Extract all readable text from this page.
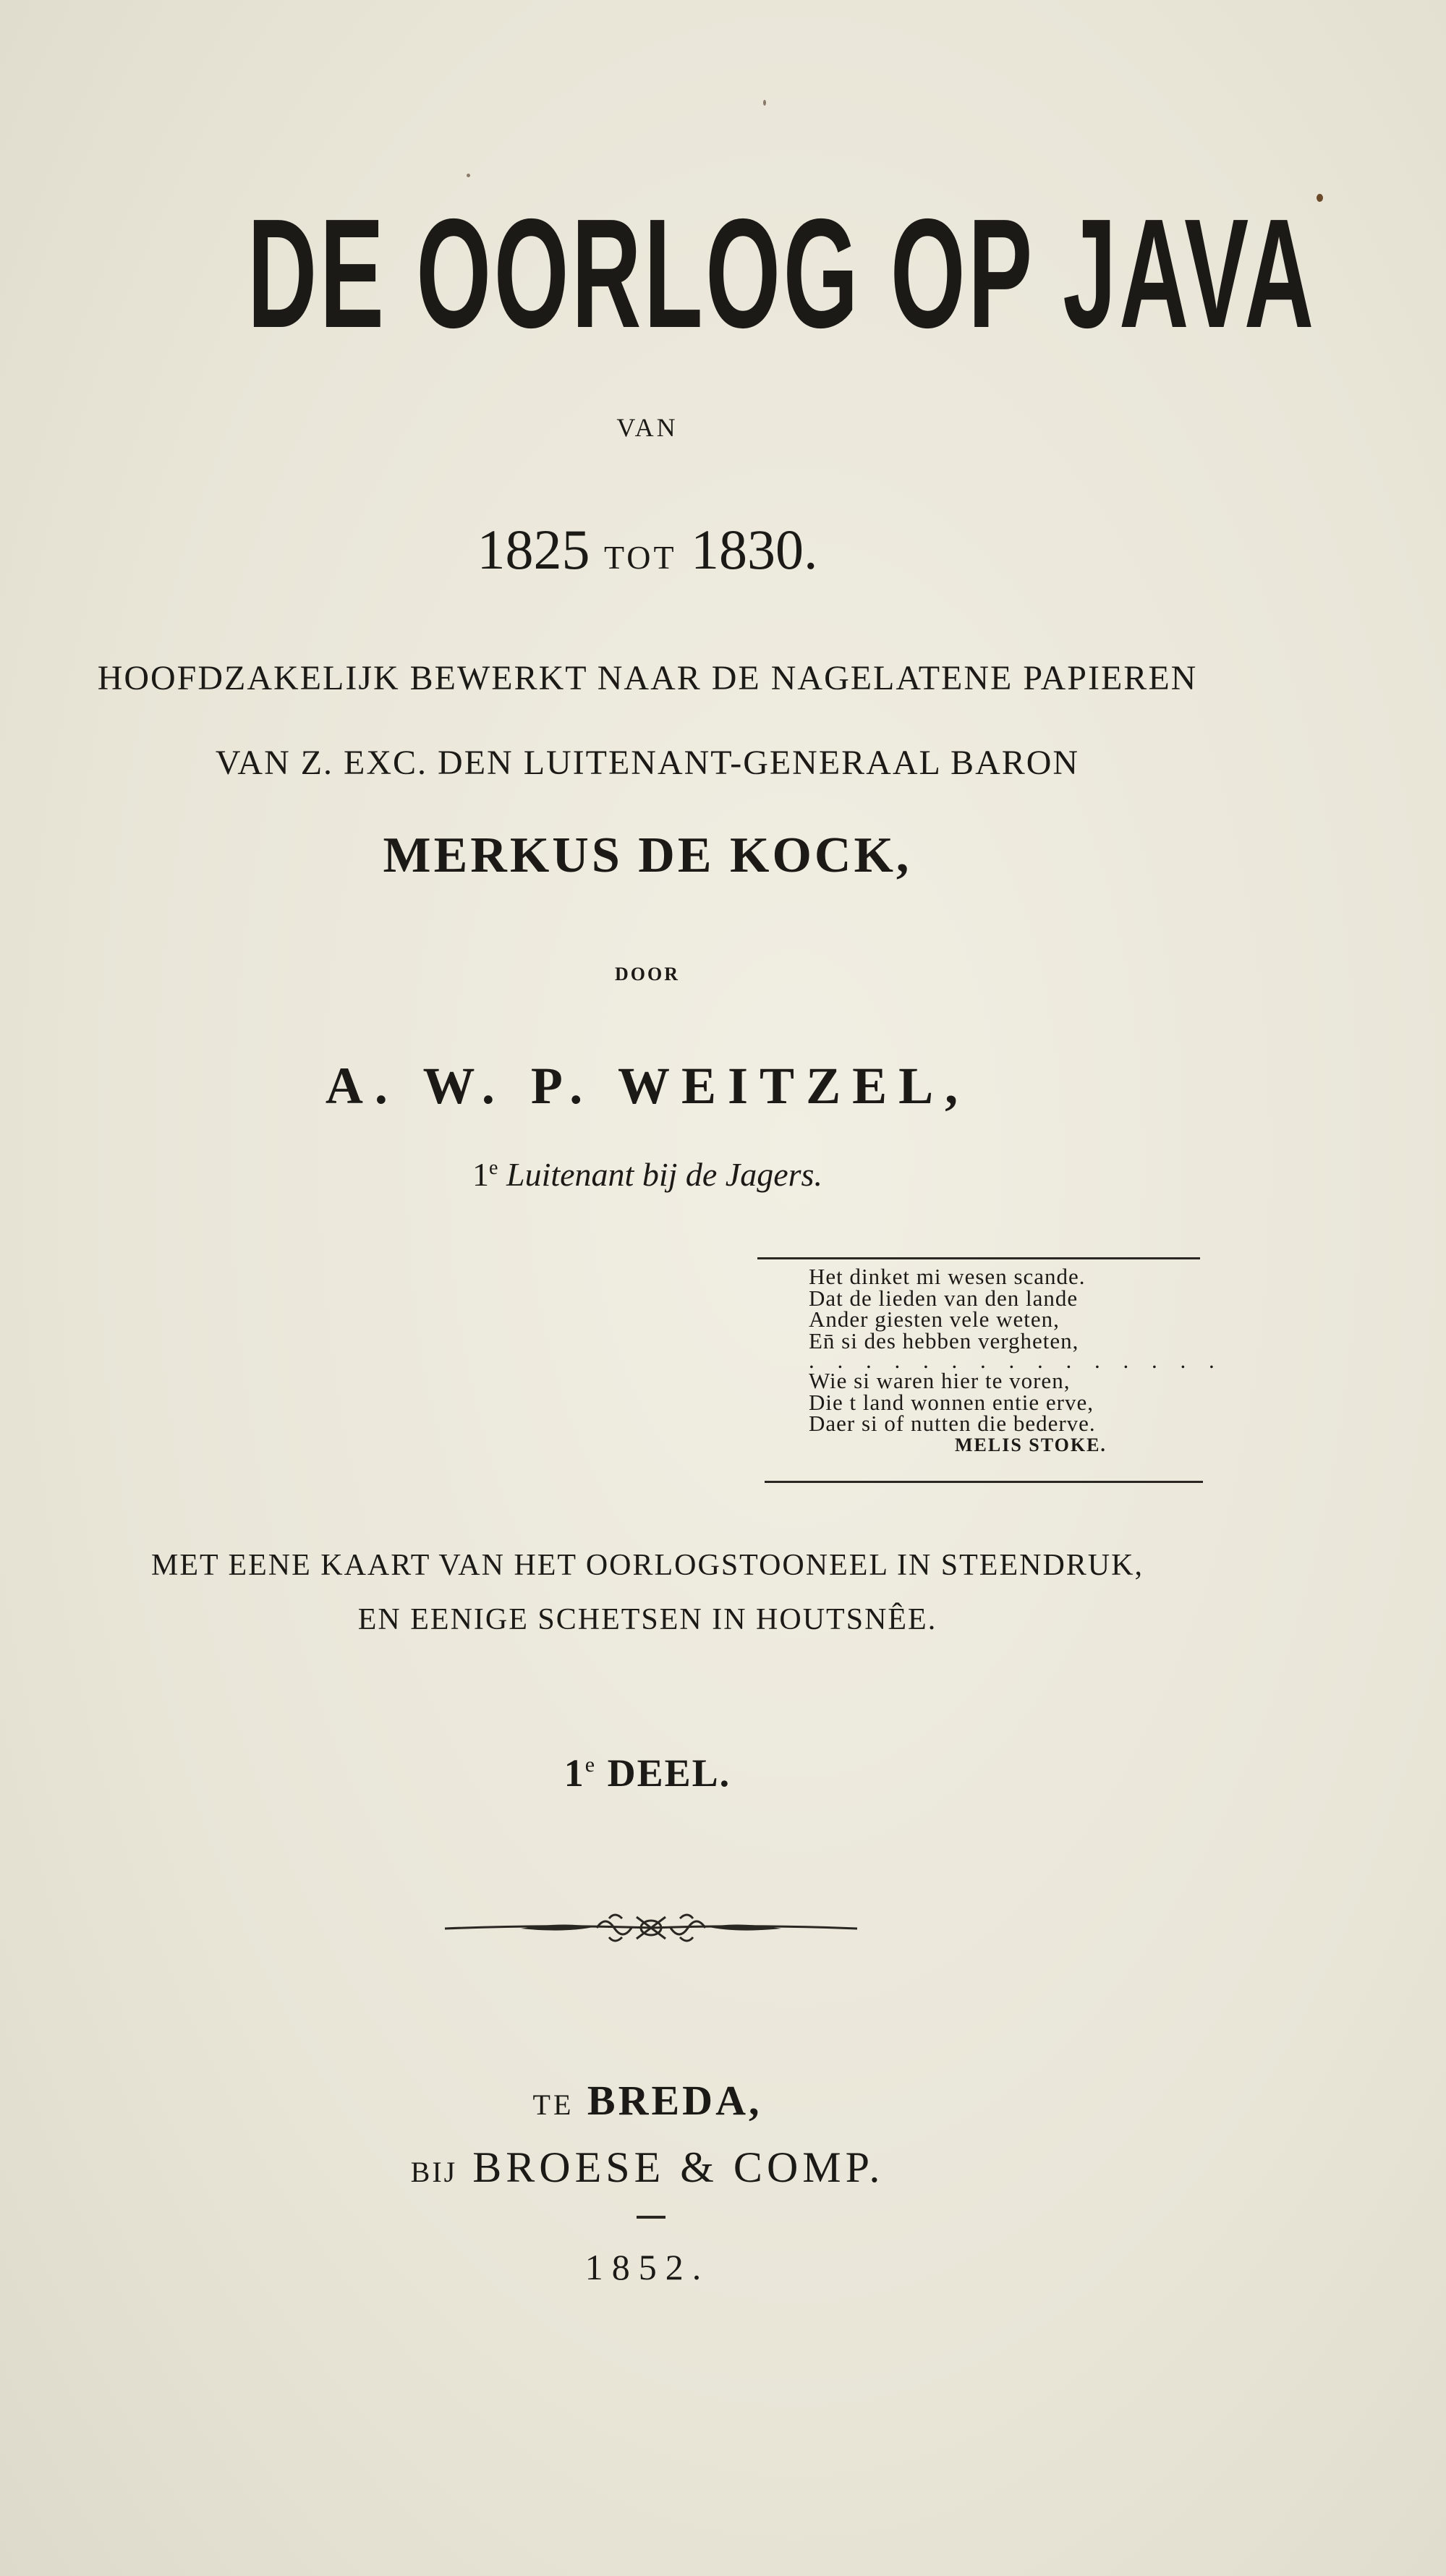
DE OORLOG OP JAVA
VAN
1825 TOT 1830.
HOOFDZAKELIJK BEWERKT NAAR DE NAGELATENE PAPIEREN
VAN Z. EXC. DEN LUITENANT-GENERAAL BARON
MERKUS DE KOCK,
DOOR
A. W. P. WEITZEL,
1e Luitenant bij de Jagers.
Het dinket mi wesen scande.
Dat de lieden van den lande
Ander giesten vele weten,
En̄ si des hebben vergheten,
. . . . . . . . . . . . . . .
Wie si waren hier te voren,
Die t land wonnen entie erve,
Daer si of nutten die bederve.
MELIS STOKE.
MET EENE KAART VAN HET OORLOGSTOONEEL IN STEENDRUK,
EN EENIGE SCHETSEN IN HOUTSNÊE.
1e DEEL.
TE BREDA,
BIJ BROESE & COMP.
1852.
